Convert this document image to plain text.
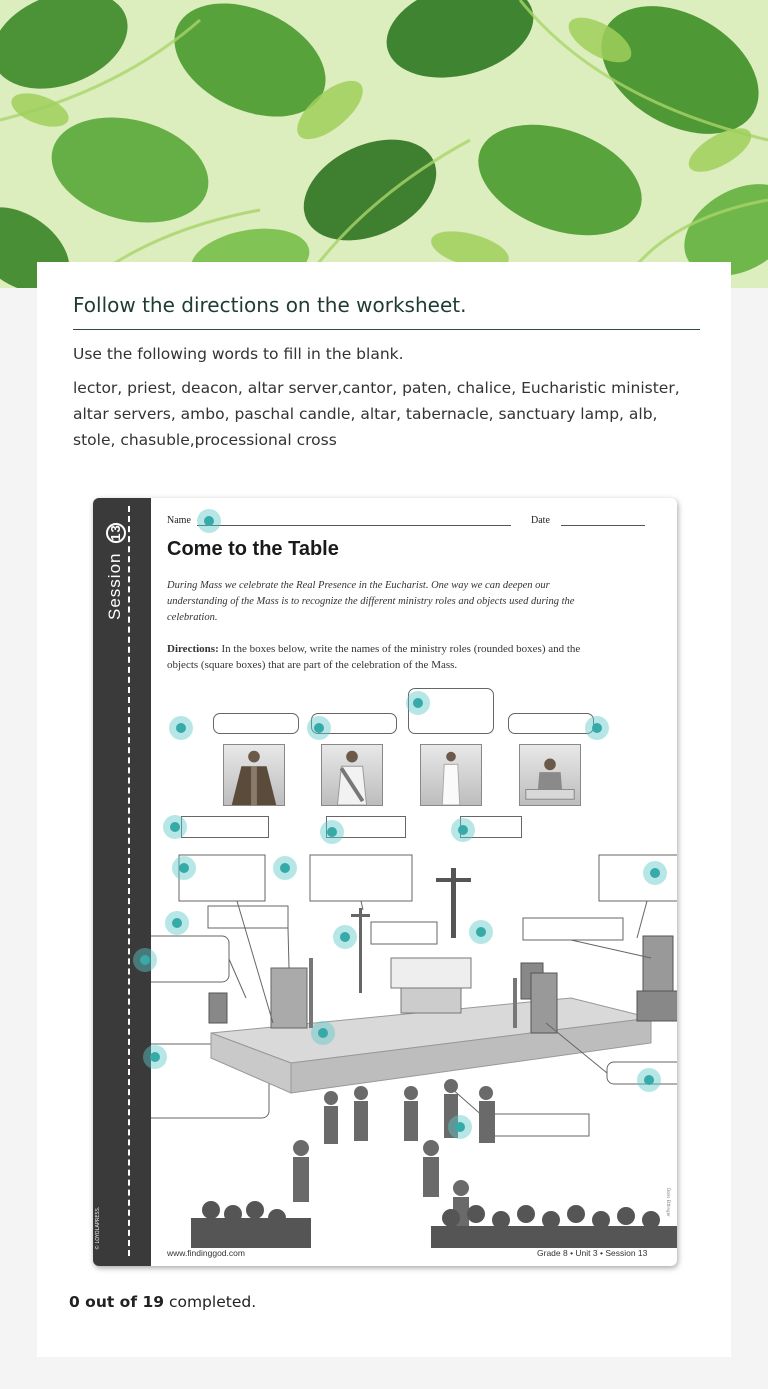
Follow the directions on the worksheet.
Use the following words to fill in the blank.
lector, priest, deacon, altar server,cantor, paten, chalice, Eucharistic minister, altar servers, ambo, paschal candle, altar, tabernacle, sanctuary lamp, alb, stole, chasuble,processional cross
Session 13
© LOYOLAPRESS.
Name	Date
Come to the Table
During Mass we celebrate the Real Presence in the Eucharist. One way we can deepen our understanding of the Mass is to recognize the different ministry roles and objects used during the celebration.
Directions: In the boxes below, write the names of the ministry roles (rounded boxes) and the objects (square boxes) that are part of the celebration of the Mass.
www.findinggod.com	Grade 8 • Unit 3 • Session 13
Doris Ettlinger
0 out of 19 completed.
